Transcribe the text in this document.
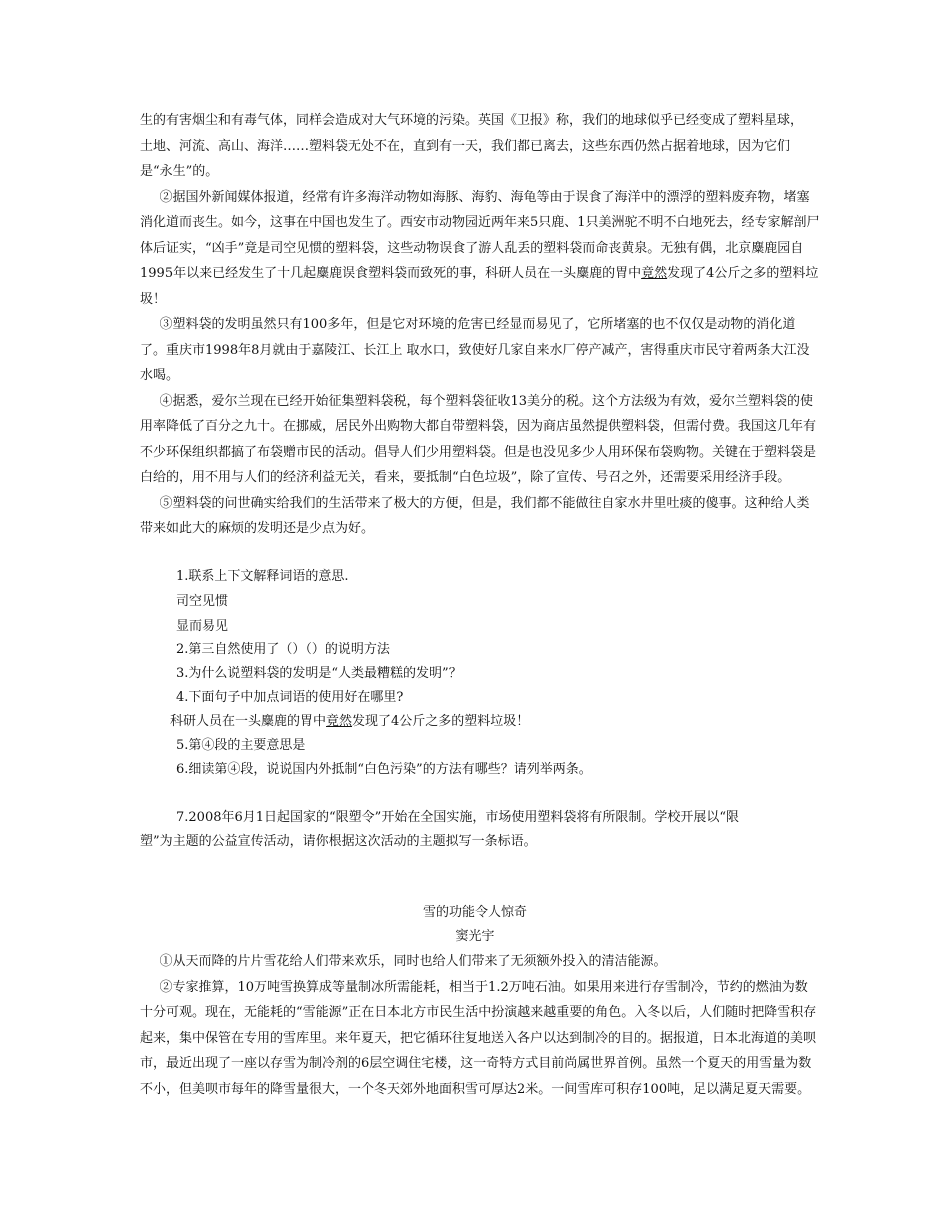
生的有害烟尘和有毒气体，同样会造成对大气环境的污染。英国《卫报》称，我们的地球似乎已经变成了塑料星球，
土地、河流、高山、海洋……塑料袋无处不在，直到有一天，我们都已离去，这些东西仍然占据着地球，因为它们
是“永生”的。

②据国外新闻媒体报道，经常有许多海洋动物如海豚、海豹、海龟等由于误食了海洋中的漂浮的塑料废弃物，堵塞消化道而丧生。如今，这事在中国也发生了。西安市动物园近两年来5只鹿、1只美洲驼不明不白地死去，经专家解剖尸体后证实，“凶手”竟是司空见惯的塑料袋，这些动物误食了游人乱丢的塑料袋而命丧黄泉。无独有偶，北京麋鹿园自1995年以来已经发生了十几起麋鹿误食塑料袋而致死的事，科研人员在一头麋鹿的胃中竟然发现了4公斤之多的塑料垃圾！

③塑料袋的发明虽然只有100多年，但是它对环境的危害已经显而易见了，它所堵塞的也不仅仅是动物的消化道了。重庆市1998年8月就由于嘉陵江、长江上 取水口，致使好几家自来水厂停产减产，害得重庆市民守着两条大江没水喝。

④据悉，爱尔兰现在已经开始征集塑料袋税，每个塑料袋征收13美分的税。这个方法级为有效，爱尔兰塑料袋的使用率降低了百分之九十。在挪威，居民外出购物大都自带塑料袋，因为商店虽然提供塑料袋，但需付费。我国这几年有不少环保组织都搞了布袋赠市民的活动。倡导人们少用塑料袋。但是也没见多少人用环保布袋购物。关键在于塑料袋是白给的，用不用与人们的经济利益无关，看来，要抵制“白色垃圾”，除了宣传、号召之外，还需要采用经济手段。

⑤塑料袋的问世确实给我们的生活带来了极大的方便，但是，我们都不能做往自家水井里吐痰的傻事。这种给人类带来如此大的麻烦的发明还是少点为好。

1.联系上下文解释词语的意思.

司空见惯

显而易见

2.第三自然使用了（）（）的说明方法

3.为什么说塑料袋的发明是“人类最糟糕的发明”？

4.下面句子中加点词语的使用好在哪里?

科研人员在一头麋鹿的胃中竟然发现了4公斤之多的塑料垃圾！

5.第④段的主要意思是

6.细读第④段，说说国内外抵制“白色污染”的方法有哪些？请列举两条。

7.2008年6月1日起国家的“限塑令”开始在全国实施，市场使用塑料袋将有所限制。学校开展以“限

塑”为主题的公益宣传活动，请你根据这次活动的主题拟写一条标语。

雪的功能令人惊奇

窦光宇

①从天而降的片片雪花给人们带来欢乐，同时也给人们带来了无须额外投入的清洁能源。

②专家推算，10万吨雪换算成等量制冰所需能耗，相当于1.2万吨石油。如果用来进行存雪制冷，节约的燃油为数十分可观。现在，无能耗的“雪能源”正在日本北方市民生活中扮演越来越重要的角色。入冬以后，人们随时把降雪积存起来，集中保管在专用的雪库里。来年夏天，把它循环往复地送入各户以达到制冷的目的。据报道，日本北海道的美呗市，最近出现了一座以存雪为制冷剂的6层空调住宅楼，这一奇特方式目前尚属世界首例。虽然一个夏天的用雪量为数不小，但美呗市每年的降雪量很大，一个冬天郊外地面积雪可厚达2米。一间雪库可积存100吨，足以满足夏天需要。
